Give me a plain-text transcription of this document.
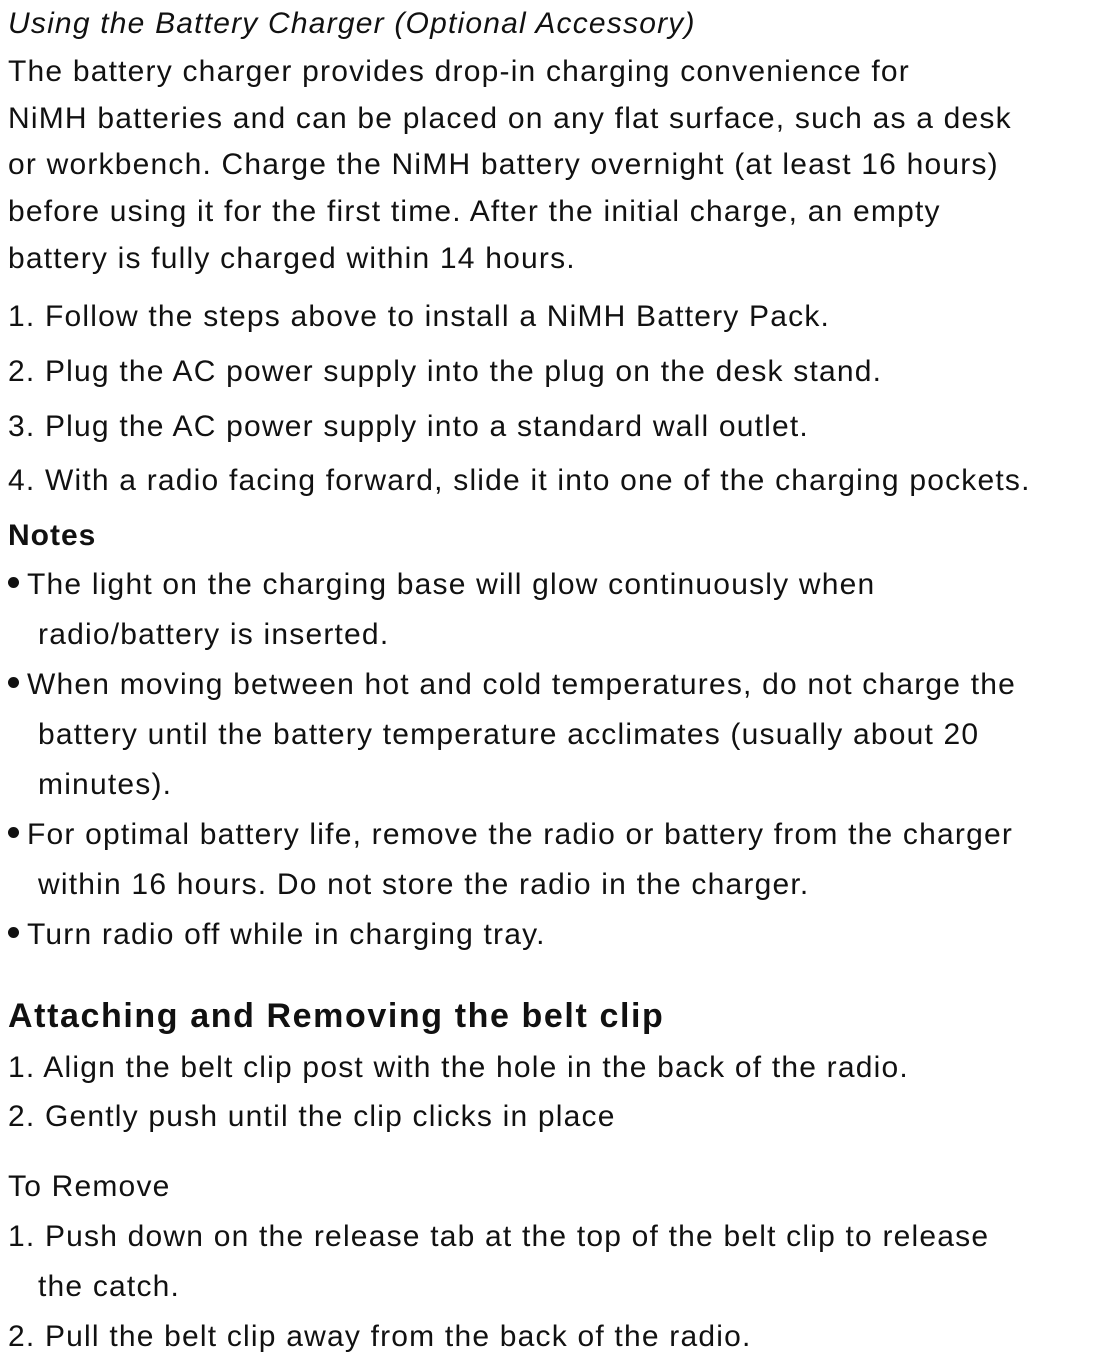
Using the Battery Charger (Optional Accessory)
The battery charger provides drop-in charging convenience for
NiMH batteries and can be placed on any flat surface, such as a desk
or workbench. Charge the NiMH battery overnight (at least 16 hours)
before using it for the first time. After the initial charge, an empty
battery is fully charged within 14 hours.
1. Follow the steps above to install a NiMH Battery Pack.
2. Plug the AC power supply into the plug on the desk stand.
3. Plug the AC power supply into a standard wall outlet.
4. With a radio facing forward, slide it into one of the charging pockets.
Notes
The light on the charging base will glow continuously when
radio/battery is inserted.
When moving between hot and cold temperatures, do not charge the
battery until the battery temperature acclimates (usually about 20
minutes).
For optimal battery life, remove the radio or battery from the charger
within 16 hours. Do not store the radio in the charger.
Turn radio off while in charging tray.
Attaching and Removing the belt clip
1. Align the belt clip post with the hole in the back of the radio.
2. Gently push until the clip clicks in place
To Remove
1. Push down on the release tab at the top of the belt clip to release
the catch.
2. Pull the belt clip away from the back of the radio.
